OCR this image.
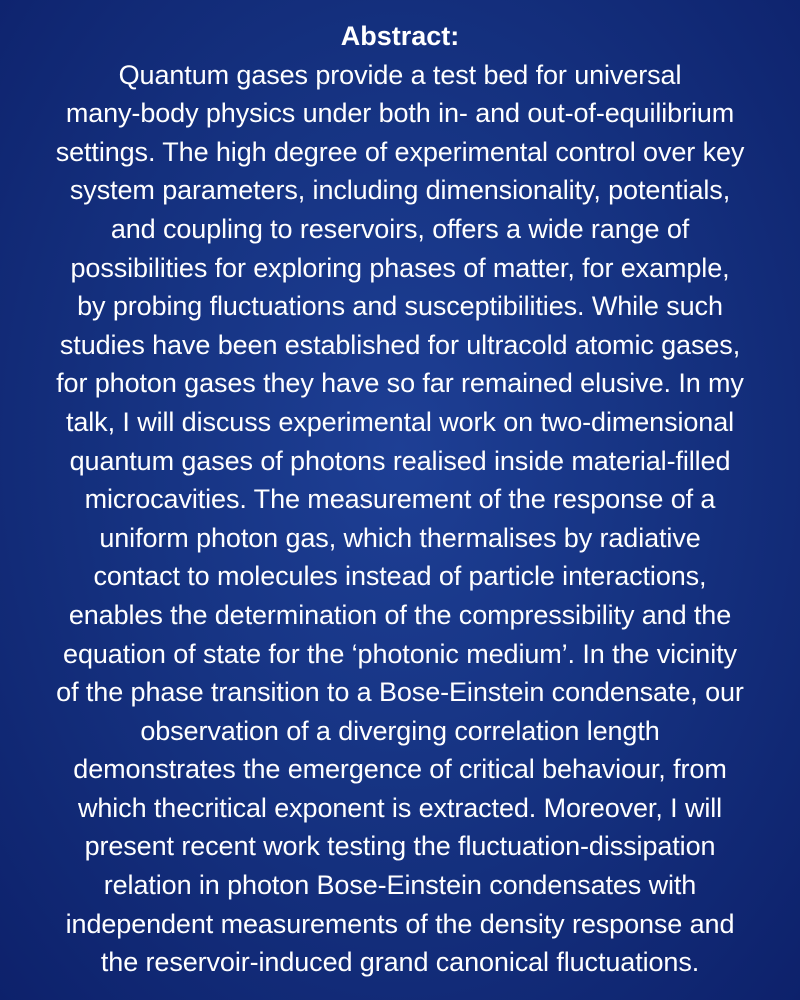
Abstract:
Quantum gases provide a test bed for universal
many-body physics under both in- and out-of-equilibrium
settings. The high degree of experimental control over key
system parameters, including dimensionality, potentials,
and coupling to reservoirs, offers a wide range of
possibilities for exploring phases of matter, for example,
by probing fluctuations and susceptibilities. While such
studies have been established for ultracold atomic gases,
for photon gases they have so far remained elusive. In my
talk, I will discuss experimental work on two-dimensional
quantum gases of photons realised inside material-filled
microcavities. The measurement of the response of a
uniform photon gas, which thermalises by radiative
contact to molecules instead of particle interactions,
enables the determination of the compressibility and the
equation of state for the ‘photonic medium’. In the vicinity
of the phase transition to a Bose-Einstein condensate, our
observation of a diverging correlation length
demonstrates the emergence of critical behaviour, from
which thecritical exponent is extracted. Moreover, I will
present recent work testing the fluctuation-dissipation
relation in photon Bose-Einstein condensates with
independent measurements of the density response and
the reservoir-induced grand canonical fluctuations.
